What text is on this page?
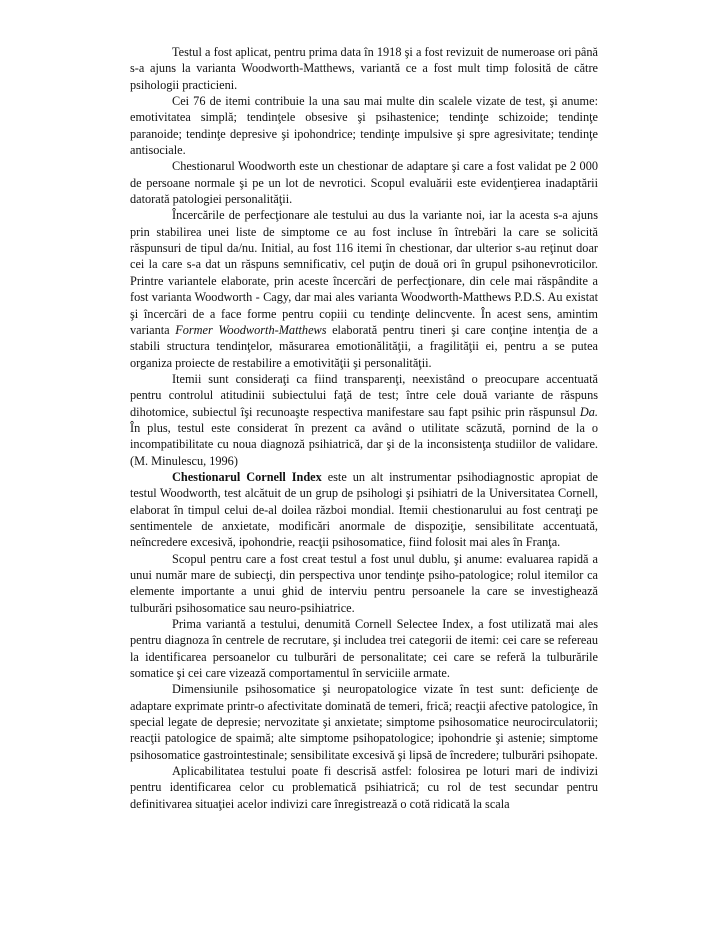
Testul a fost aplicat, pentru prima data în 1918 şi a fost revizuit de numeroase ori până s-a ajuns la varianta Woodworth-Matthews, variantă ce a fost mult timp folosită de către psihologii practicieni.

Cei 76 de itemi contribuie la una sau mai multe din scalele vizate de test, şi anume: emotivitatea simplă; tendinţele obsesive şi psihastenice; tendinţe schizoide; tendinţe paranoide; tendinţe depresive şi ipohondrice; tendinţe impulsive şi spre agresivitate; tendinţe antisociale.

Chestionarul Woodworth este un chestionar de adaptare şi care a fost validat pe 2 000 de persoane normale şi pe un lot de nevrotici. Scopul evaluării este evidenţierea inadaptării datorată patologiei personalităţii.

Încercările de perfecţionare ale testului au dus la variante noi, iar la acesta s-a ajuns prin stabilirea unei liste de simptome ce au fost incluse în întrebări la care se solicită răspunsuri de tipul da/nu. Initial, au fost 116 itemi în chestionar, dar ulterior s-au reţinut doar cei la care s-a dat un răspuns semnificativ, cel puţin de două ori în grupul psihonevroticilor. Printre variantele elaborate, prin aceste încercări de perfecţionare, din cele mai răspândite a fost varianta Woodworth - Cagy, dar mai ales varianta Woodworth-Matthews P.D.S. Au existat şi încercări de a face forme pentru copiii cu tendinţe delincvente. În acest sens, amintim varianta Former Woodworth-Matthews elaborată pentru tineri şi care conţine intenţia de a stabili structura tendinţelor, măsurarea emotionălităţii, a fragilităţii ei, pentru a se putea organiza proiecte de restabilire a emotivităţii şi personalităţii.

Itemii sunt consideraţi ca fiind transparenţi, neexistând o preocupare accentuată pentru controlul atitudinii subiectului faţă de test; între cele două variante de răspuns dihotomice, subiectul îşi recunoaşte respectiva manifestare sau fapt psihic prin răspunsul Da. În plus, testul este considerat în prezent ca având o utilitate scăzută, pornind de la o incompatibilitate cu noua diagnoză psihiatrică, dar şi de la inconsistenţa studiilor de validare. (M. Minulescu, 1996)

Chestionarul Cornell Index este un alt instrumentar psihodiagnostic apropiat de testul Woodworth, test alcătuit de un grup de psihologi şi psihiatri de la Universitatea Cornell, elaborat în timpul celui de-al doilea război mondial. Itemii chestionarului au fost centraţi pe sentimentele de anxietate, modificări anormale de dispoziţie, sensibilitate accentuată, neîncredere excesivă, ipohondrie, reacţii psihosomatice, fiind folosit mai ales în Franţa.

Scopul pentru care a fost creat testul a fost unul dublu, şi anume: evaluarea rapidă a unui număr mare de subiecţi, din perspectiva unor tendinţe psiho-patologice; rolul itemilor ca elemente importante a unui ghid de interviu pentru persoanele la care se investighează tulburări psihosomatice sau neuro-psihiatrice.

Prima variantă a testului, denumită Cornell Selectee Index, a fost utilizată mai ales pentru diagnoza în centrele de recrutare, şi includea trei categorii de itemi: cei care se refereau la identificarea persoanelor cu tulburări de personalitate; cei care se referă la tulburările somatice şi cei care vizează comportamentul în serviciile armate.

Dimensiunile psihosomatice şi neuropatologice vizate în test sunt: deficienţe de adaptare exprimate printr-o afectivitate dominată de temeri, frică; reacţii afective patologice, în special legate de depresie; nervozitate şi anxietate; simptome psihosomatice neurocirculatorii; reacţii patologice de spaimă; alte simptome psihopatologice; ipohondrie şi astenie; simptome psihosomatice gastrointestinale; sensibilitate excesivă şi lipsă de încredere; tulburări psihopate.

Aplicabilitatea testului poate fi descrisă astfel: folosirea pe loturi mari de indivizi pentru identificarea celor cu problematică psihiatrică; cu rol de test secundar pentru definitivarea situaţiei acelor indivizi care înregistrează o cotă ridicată la scala
